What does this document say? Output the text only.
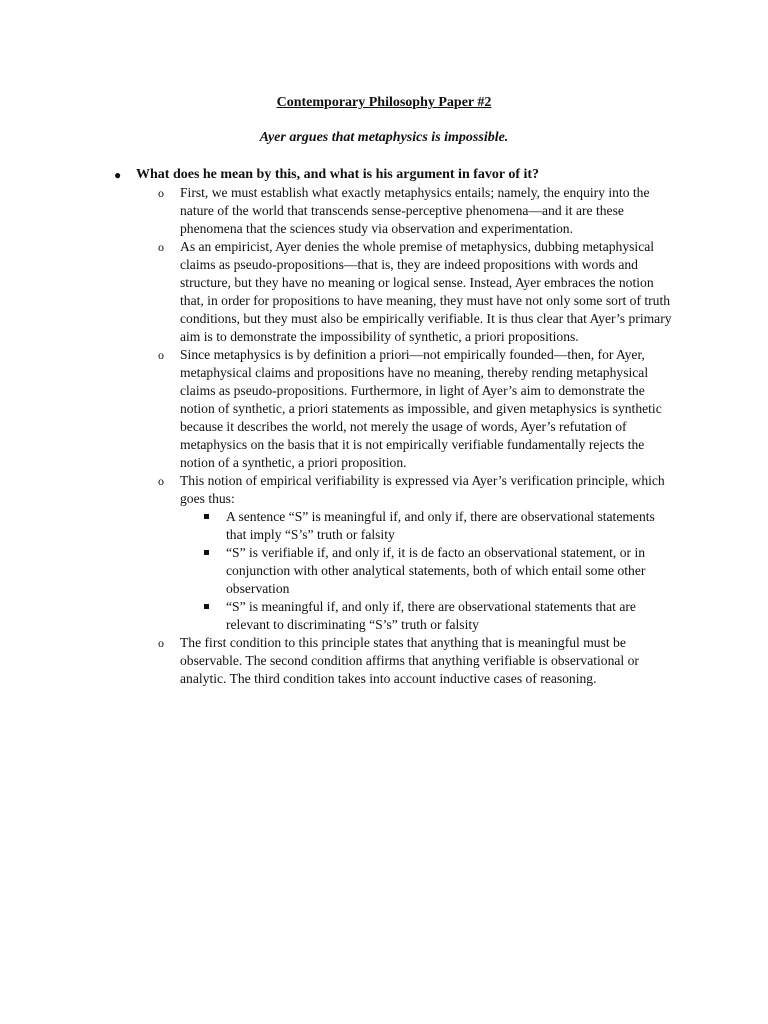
Contemporary Philosophy Paper #2
Ayer argues that metaphysics is impossible.
● What does he mean by this, and what is his argument in favor of it?
o First, we must establish what exactly metaphysics entails; namely, the enquiry into the nature of the world that transcends sense-perceptive phenomena—and it are these phenomena that the sciences study via observation and experimentation.
o As an empiricist, Ayer denies the whole premise of metaphysics, dubbing metaphysical claims as pseudo-propositions—that is, they are indeed propositions with words and structure, but they have no meaning or logical sense. Instead, Ayer embraces the notion that, in order for propositions to have meaning, they must have not only some sort of truth conditions, but they must also be empirically verifiable. It is thus clear that Ayer’s primary aim is to demonstrate the impossibility of synthetic, a priori propositions.
o Since metaphysics is by definition a priori—not empirically founded—then, for Ayer, metaphysical claims and propositions have no meaning, thereby rending metaphysical claims as pseudo-propositions. Furthermore, in light of Ayer’s aim to demonstrate the notion of synthetic, a priori statements as impossible, and given metaphysics is synthetic because it describes the world, not merely the usage of words, Ayer’s refutation of metaphysics on the basis that it is not empirically verifiable fundamentally rejects the notion of a synthetic, a priori proposition.
o This notion of empirical verifiability is expressed via Ayer’s verification principle, which goes thus:
A sentence “S” is meaningful if, and only if, there are observational statements that imply “S’s” truth or falsity
“S” is verifiable if, and only if, it is de facto an observational statement, or in conjunction with other analytical statements, both of which entail some other observation
“S” is meaningful if, and only if, there are observational statements that are relevant to discriminating “S’s” truth or falsity
o The first condition to this principle states that anything that is meaningful must be observable. The second condition affirms that anything verifiable is observational or analytic. The third condition takes into account inductive cases of reasoning.
